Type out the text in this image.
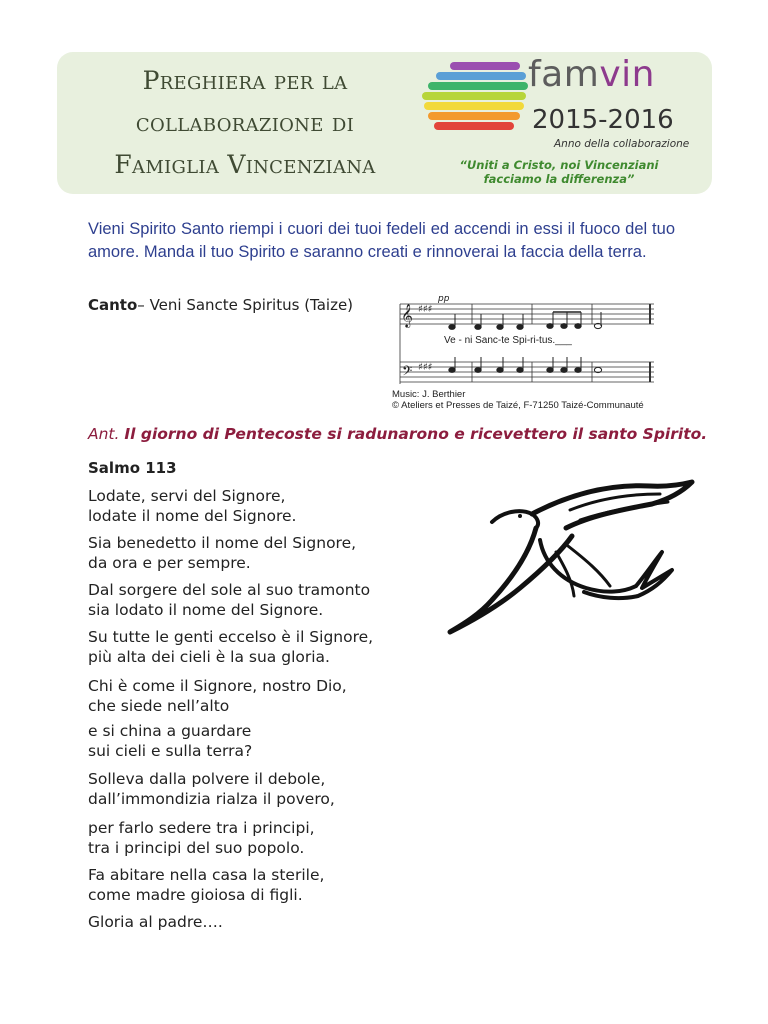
Preghiera per la
collaborazione di
Famiglia Vincenziana
famvin
2015-2016
Anno della collaborazione
“Uniti a Cristo, noi Vincenziani
facciamo la differenza”
Vieni Spirito Santo riempi i cuori dei tuoi fedeli ed accendi in essi il fuoco del tuo amore. Manda il tuo Spirito e saranno creati e rinnoverai la faccia della terra.
Canto– Veni Sancte Spiritus (Taize) 𝄞 ♯♯♯
pp
Ve - ni Sanc-te Spi-ri-tus.___
𝄢 ♯♯♯
Music: J. Berthier
© Ateliers et Presses de Taizé, F-71250 Taizé-Communauté
Ant. Il giorno di Pentecoste si radunarono e ricevettero il santo Spirito.
Salmo 113
Lodate, servi del Signore,
lodate il nome del Signore.
Sia benedetto il nome del Signore,
da ora e per sempre.
Dal sorgere del sole al suo tramonto
sia lodato il nome del Signore.
Su tutte le genti eccelso è il Signore,
più alta dei cieli è la sua gloria.
Chi è come il Signore, nostro Dio,
che siede nell’alto
e si china a guardare
sui cieli e sulla terra?
Solleva dalla polvere il debole,
dall’immondizia rialza il povero,
per farlo sedere tra i principi,
tra i principi del suo popolo.
Fa abitare nella casa la sterile,
come madre gioiosa di figli.
Gloria al padre….
